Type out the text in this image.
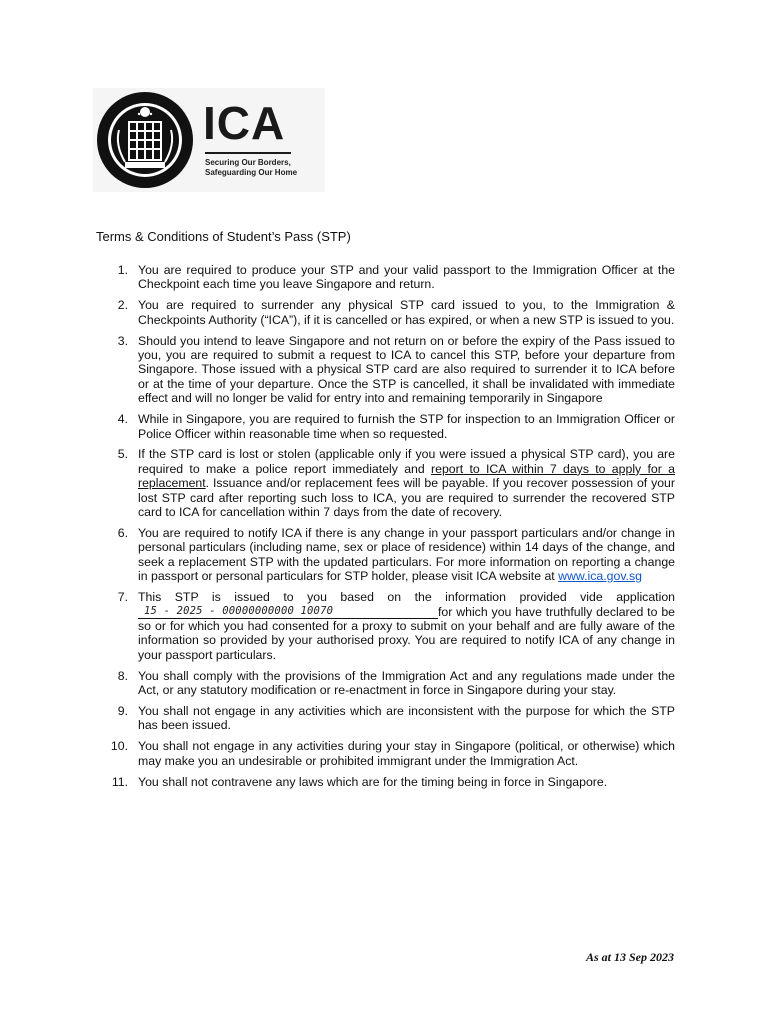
ICA
Securing Our Borders,
Safeguarding Our Home
Terms & Conditions of Student’s Pass (STP)
1. You are required to produce your STP and your valid passport to the Immigration Officer at the Checkpoint each time you leave Singapore and return.
2. You are required to surrender any physical STP card issued to you, to the Immigration & Checkpoints Authority (“ICA”), if it is cancelled or has expired, or when a new STP is issued to you.
3. Should you intend to leave Singapore and not return on or before the expiry of the Pass issued to you, you are required to submit a request to ICA to cancel this STP, before your departure from Singapore. Those issued with a physical STP card are also required to surrender it to ICA before or at the time of your departure. Once the STP is cancelled, it shall be invalidated with immediate effect and will no longer be valid for entry into and remaining temporarily in Singapore
4. While in Singapore, you are required to furnish the STP for inspection to an Immigration Officer or Police Officer within reasonable time when so requested.
5. If the STP card is lost or stolen (applicable only if you were issued a physical STP card), you are required to make a police report immediately and report to ICA within 7 days to apply for a replacement. Issuance and/or replacement fees will be payable. If you recover possession of your lost STP card after reporting such loss to ICA, you are required to surrender the recovered STP card to ICA for cancellation within 7 days from the date of recovery.
6. You are required to notify ICA if there is any change in your passport particulars and/or change in personal particulars (including name, sex or place of residence) within 14 days of the change, and seek a replacement STP with the updated particulars. For more information on reporting a change in passport or personal particulars for STP holder, please visit ICA website at www.ica.gov.sg
7. This STP is issued to you based on the information provided vide application
15 - 2025 - 00000000000 10070	for which you have truthfully declared to be so or for which you had consented for a proxy to submit on your behalf and are fully aware of the information so provided by your authorised proxy. You are required to notify ICA of any change in your passport particulars.
8. You shall comply with the provisions of the Immigration Act and any regulations made under the Act, or any statutory modification or re-enactment in force in Singapore during your stay.
9. You shall not engage in any activities which are inconsistent with the purpose for which the STP has been issued.
10. You shall not engage in any activities during your stay in Singapore (political, or otherwise) which may make you an undesirable or prohibited immigrant under the Immigration Act.
11. You shall not contravene any laws which are for the timing being in force in Singapore.
As at 13 Sep 2023
